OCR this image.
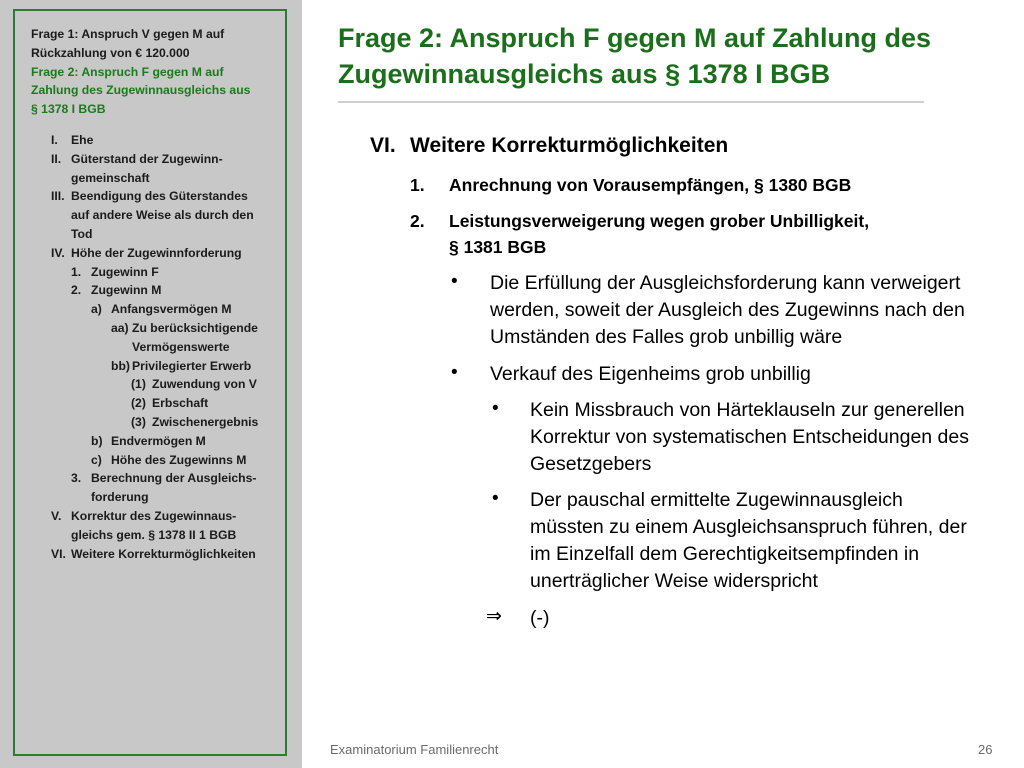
Frage 1: Anspruch V gegen M auf
Rückzahlung von € 120.000
Frage 2: Anspruch F gegen M auf
Zahlung des Zugewinnausgleichs aus
§ 1378 I BGB
I.	Ehe
II. Güterstand der Zugewinn-
gemeinschaft
III. Beendigung des Güterstandes
auf andere Weise als durch den
Tod
IV. Höhe der Zugewinnforderung
1. Zugewinn F
2. Zugewinn M
a) Anfangsvermögen M
aa) Zu berücksichtigende
Vermögenswerte
bb) Privilegierter Erwerb
(1) Zuwendung von V
(2) Erbschaft
(3) Zwischenergebnis
b) Endvermögen M
c) Höhe des Zugewinns M
3. Berechnung der Ausgleichs-
forderung
V. Korrektur des Zugewinnaus-
gleichs gem. § 1378 II 1 BGB
VI. Weitere Korrekturmöglichkeiten
Frage 2: Anspruch F gegen M auf Zahlung des
Zugewinnausgleichs aus § 1378 I BGB
VI. Weitere Korrekturmöglichkeiten
1. Anrechnung von Vorausempfängen, § 1380 BGB
2. Leistungsverweigerung wegen grober Unbilligkeit,
§ 1381 BGB
• Die Erfüllung der Ausgleichsforderung kann verweigert
werden, soweit der Ausgleich des Zugewinns nach den
Umständen des Falles grob unbillig wäre
• Verkauf des Eigenheims grob unbillig
• Kein Missbrauch von Härteklauseln zur generellen
Korrektur von systematischen Entscheidungen des
Gesetzgebers
• Der pauschal ermittelte Zugewinnausgleich
müssten zu einem Ausgleichsanspruch führen, der
im Einzelfall dem Gerechtigkeitsempfinden in
unerträglicher Weise widerspricht
⇒ (-)
Examinatorium Familienrecht	26
